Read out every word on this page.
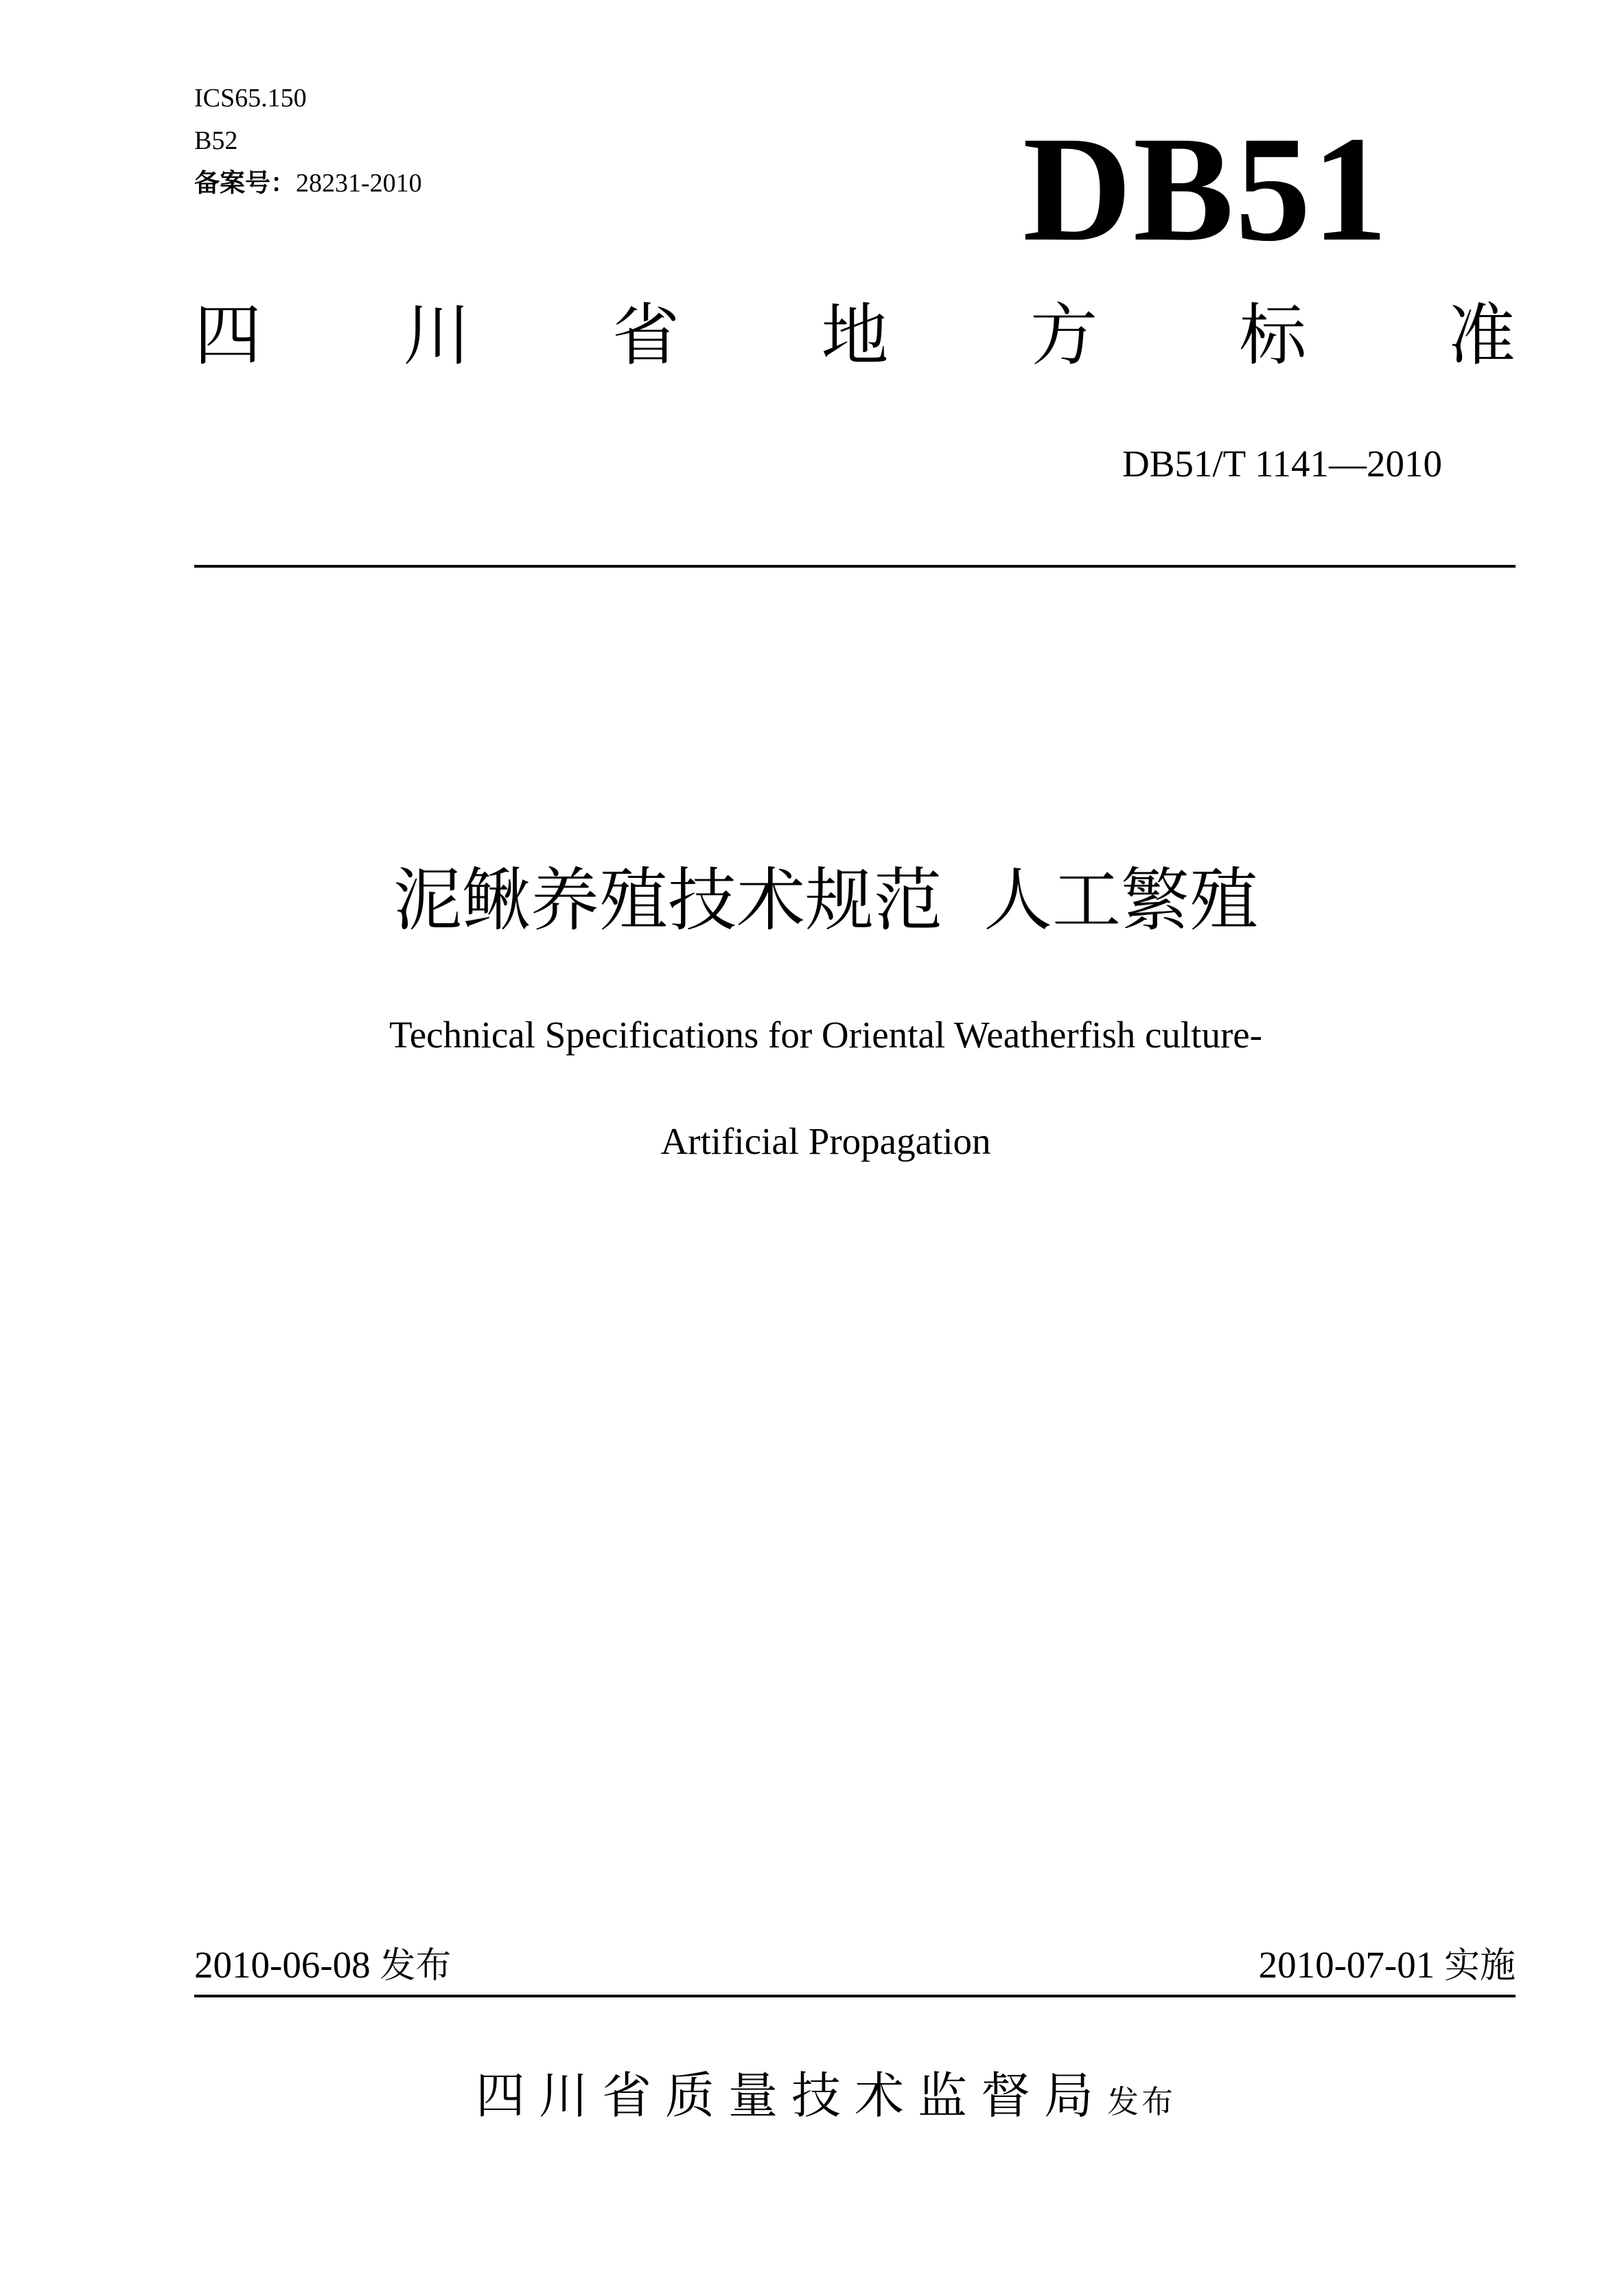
ICS65.150
B52
备案号：28231-2010	DB51
四 川 省 地 方 标 准
DB51/T 1141—2010
泥鳅养殖技术规范 人工繁殖
Technical Specifications for Oriental Weatherfish culture-
Artificial Propagation
2010-06-08 发布	2010-07-01 实施
四川省质量技术监督局发布
